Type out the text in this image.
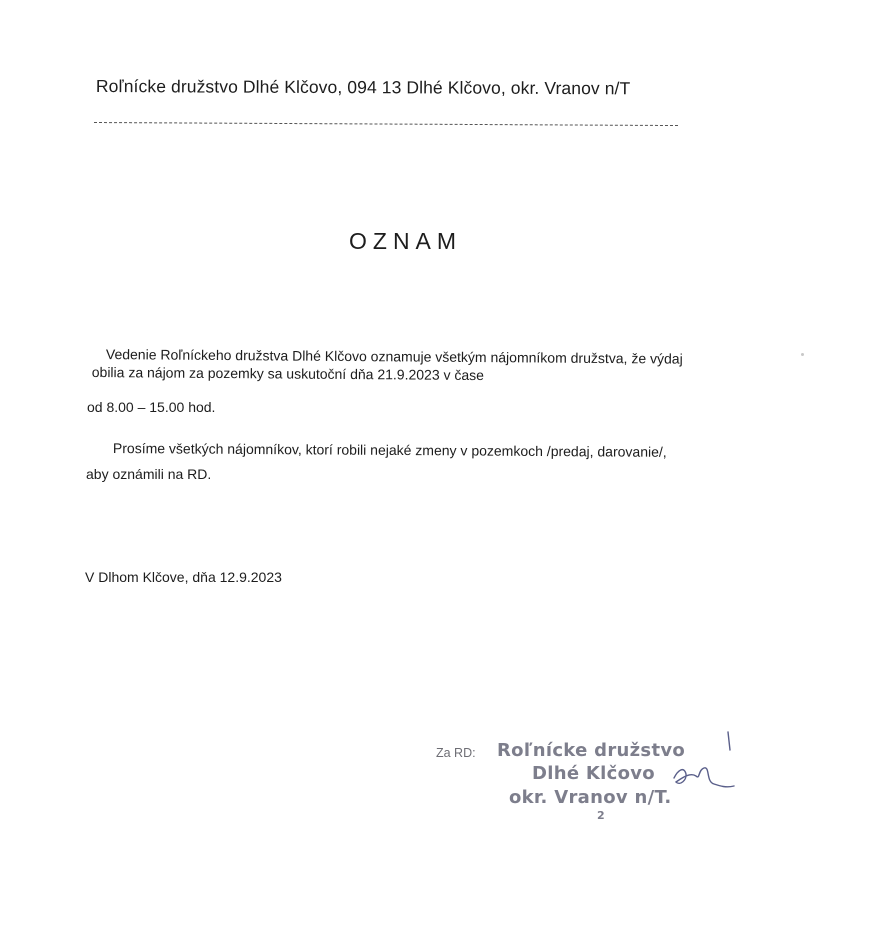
Roľnícke družstvo Dlhé Klčovo, 094 13 Dlhé Klčovo, okr. Vranov n/T
OZNAM
Vedenie Roľníckeho družstva Dlhé Klčovo oznamuje všetkým nájomníkom družstva, že výdaj
obilia za nájom za pozemky sa uskutoční dňa 21.9.2023 v čase
od 8.00 – 15.00 hod.
Prosíme všetkých nájomníkov, ktorí robili nejaké zmeny v pozemkoch /predaj, darovanie/,
aby oznámili na RD.
V Dlhom Klčove, dňa 12.9.2023
Za RD: Roľnícke družstvo
Dlhé Klčovo
okr. Vranov n/T.
2
